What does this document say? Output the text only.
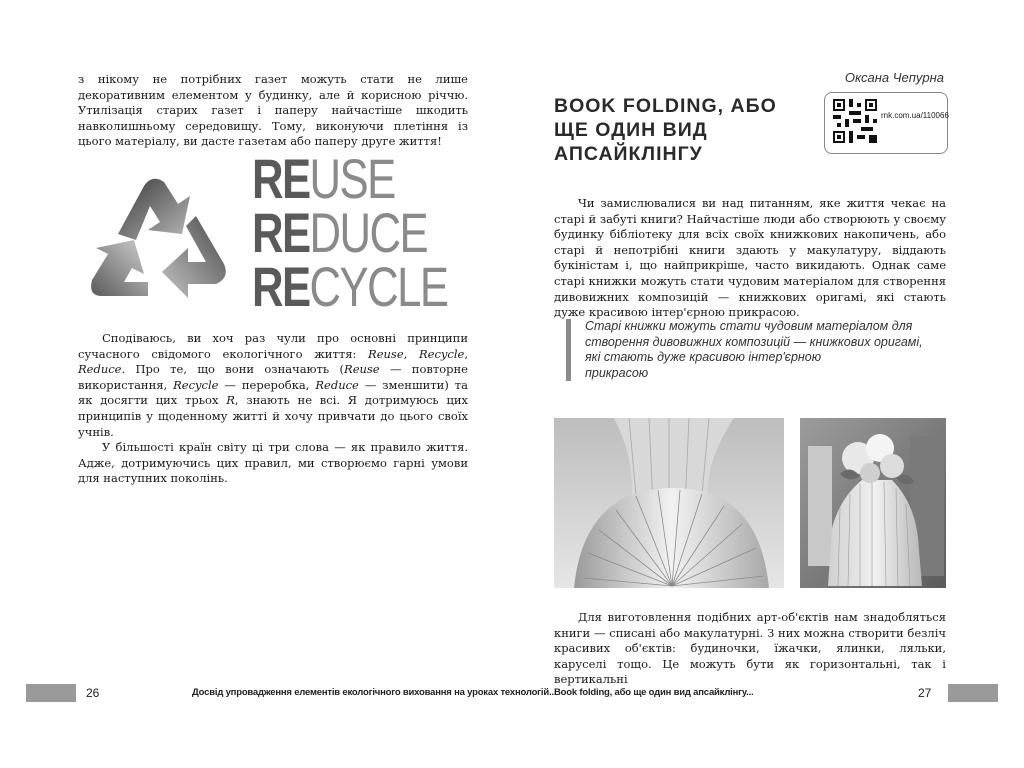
з нікому не потрібних газет можуть стати не лише декоративним елементом у будинку, але й корисною річчю. Утилізація старих газет і паперу найчастіше шкодить навколишньому середовищу. Тому, виконуючи плетіння із цього матеріалу, ви дасте газетам або паперу друге життя!

REUSE
REDUCE
RECYCLE

Сподіваюсь, ви хоч раз чули про основні принципи сучасного свідомого екологічного життя: Reuse, Recycle, Reduce. Про те, що вони означають (Reuse — повторне використання, Recycle — переробка, Reduce — зменшити) та як досягти цих трьох R, знають не всі. Я дотримуюсь цих принципів у щоденному житті й хочу привчати до цього своїх учнів.

У більшості країн світу ці три слова — як правило життя. Адже, дотримуючись цих правил, ми створюємо гарні умови для наступних поколінь.

26	Досвід упровадження елементів екологічного виховання на уроках технологій...
Оксана Чепурна
BOOK FOLDING, АБО
ЩЕ ОДИН ВИД
АПСАЙКЛІНГУ
rnk.com.ua/110066

Чи замислювалися ви над питанням, яке життя чекає на старі й забуті книги? Найчастіше люди або створюють у своєму будинку бібліотеку для всіх своїх книжкових накопичень, або старі й непотрібні книги здають у макулатуру, віддають букіністам і, що найприкріше, часто викидають. Однак саме старі книжки можуть стати чудовим матеріалом для створення дивовижних композицій — книжкових оригамі, які стають дуже красивою інтер'єрною прикрасою.

Старі книжки можуть стати чудовим матеріалом для
створення дивовижних композицій — книжкових оригамі,
які стають дуже красивою інтер'єрною
прикрасою

Для виготовлення подібних арт-об'єктів нам знадобляться книги — списані або макулатурні. З них можна створити безліч красивих об'єктів: будиночки, їжачки, ялинки, ляльки, каруселі тощо. Це можуть бути як горизонтальні, так і вертикальні

Book folding, або ще один вид апсайклінгу...	27
